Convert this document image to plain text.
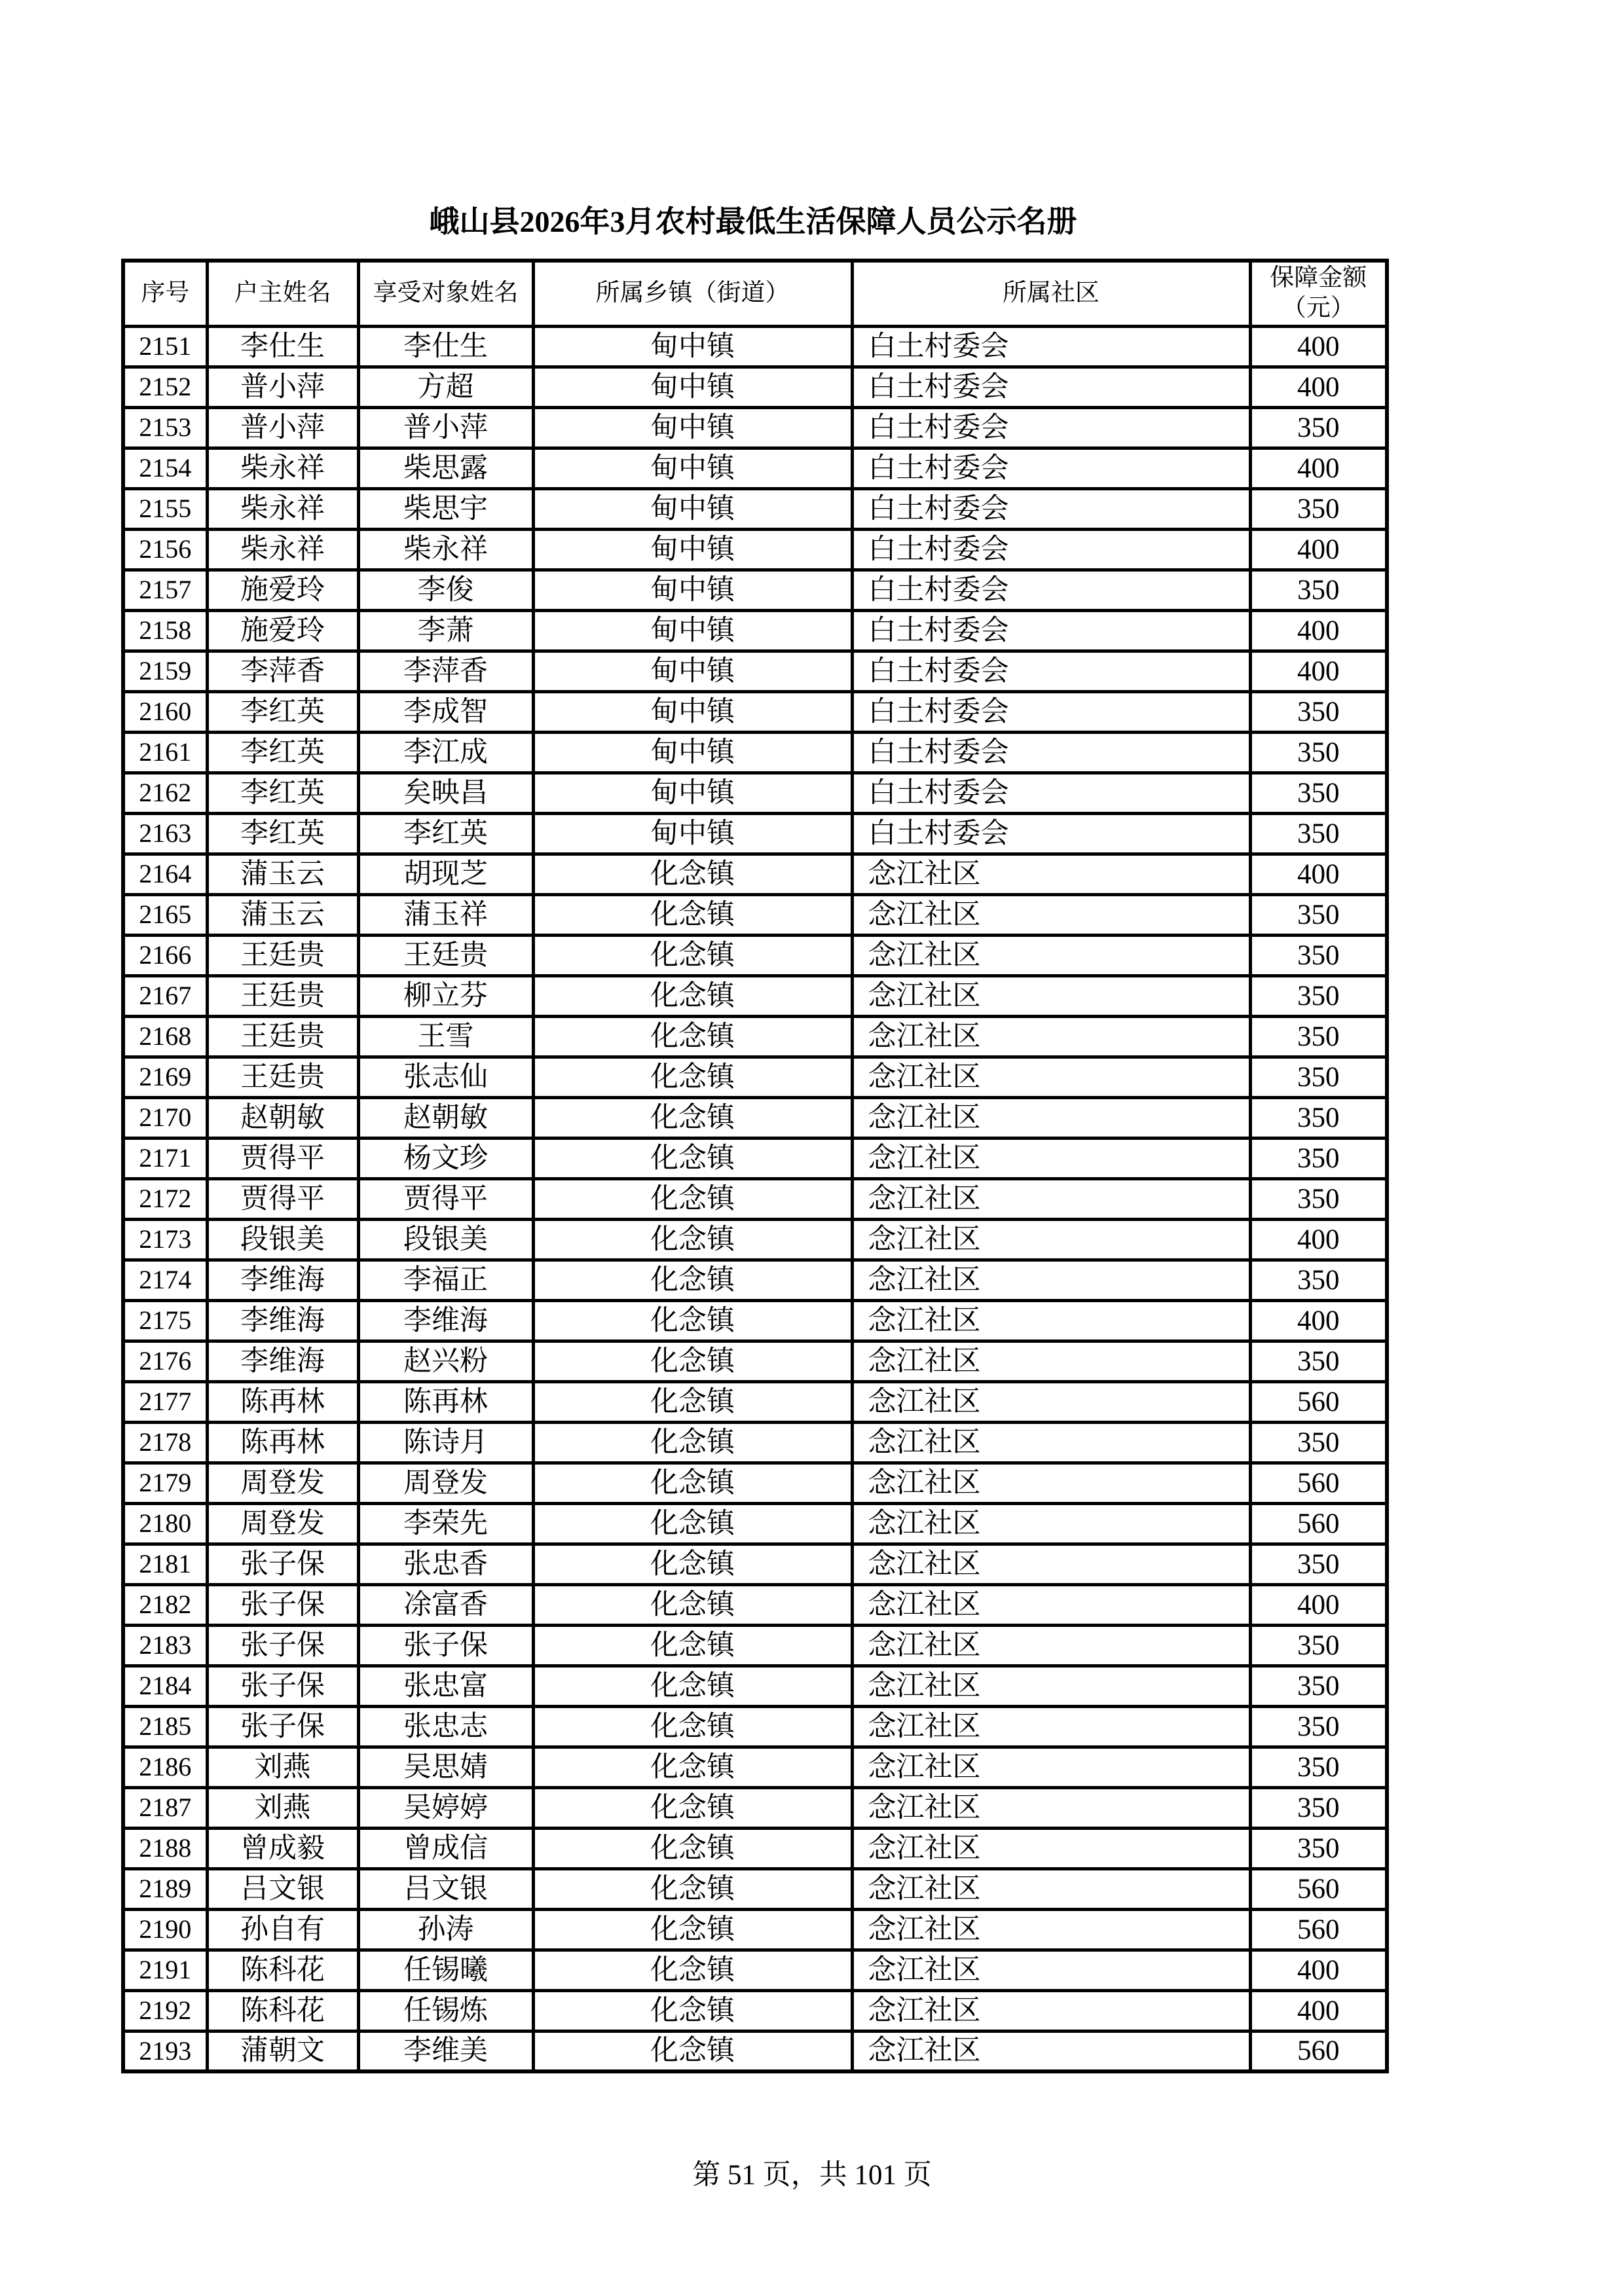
峨山县2026年3月农村最低生活保障人员公示名册
序号	户主姓名	享受对象姓名	所属乡镇（街道）	所属社区	保障金额
（元）

2151	李仕生	李仕生	甸中镇	白土村委会	400
2152	普小萍	方超	甸中镇	白土村委会	400
2153	普小萍	普小萍	甸中镇	白土村委会	350
2154	柴永祥	柴思露	甸中镇	白土村委会	400
2155	柴永祥	柴思宇	甸中镇	白土村委会	350
2156	柴永祥	柴永祥	甸中镇	白土村委会	400
2157	施爱玲	李俊	甸中镇	白土村委会	350
2158	施爱玲	李萧	甸中镇	白土村委会	400
2159	李萍香	李萍香	甸中镇	白土村委会	400
2160	李红英	李成智	甸中镇	白土村委会	350
2161	李红英	李江成	甸中镇	白土村委会	350
2162	李红英	矣映昌	甸中镇	白土村委会	350
2163	李红英	李红英	甸中镇	白土村委会	350
2164	蒲玉云	胡现芝	化念镇	念江社区	400
2165	蒲玉云	蒲玉祥	化念镇	念江社区	350
2166	王廷贵	王廷贵	化念镇	念江社区	350
2167	王廷贵	柳立芬	化念镇	念江社区	350
2168	王廷贵	王雪	化念镇	念江社区	350
2169	王廷贵	张志仙	化念镇	念江社区	350
2170	赵朝敏	赵朝敏	化念镇	念江社区	350
2171	贾得平	杨文珍	化念镇	念江社区	350
2172	贾得平	贾得平	化念镇	念江社区	350
2173	段银美	段银美	化念镇	念江社区	400
2174	李维海	李福正	化念镇	念江社区	350
2175	李维海	李维海	化念镇	念江社区	400
2176	李维海	赵兴粉	化念镇	念江社区	350
2177	陈再林	陈再林	化念镇	念江社区	560
2178	陈再林	陈诗月	化念镇	念江社区	350
2179	周登发	周登发	化念镇	念江社区	560
2180	周登发	李荣先	化念镇	念江社区	560
2181	张子保	张忠香	化念镇	念江社区	350
2182	张子保	凃富香	化念镇	念江社区	400
2183	张子保	张子保	化念镇	念江社区	350
2184	张子保	张忠富	化念镇	念江社区	350
2185	张子保	张忠志	化念镇	念江社区	350
2186	刘燕	吴思婧	化念镇	念江社区	350
2187	刘燕	吴婷婷	化念镇	念江社区	350
2188	曾成毅	曾成信	化念镇	念江社区	350
2189	吕文银	吕文银	化念镇	念江社区	560
2190	孙自有	孙涛	化念镇	念江社区	560
2191	陈科花	任锡曦	化念镇	念江社区	400
2192	陈科花	任锡炼	化念镇	念江社区	400
2193	蒲朝文	李维美	化念镇	念江社区	560
第 51 页，共 101 页
